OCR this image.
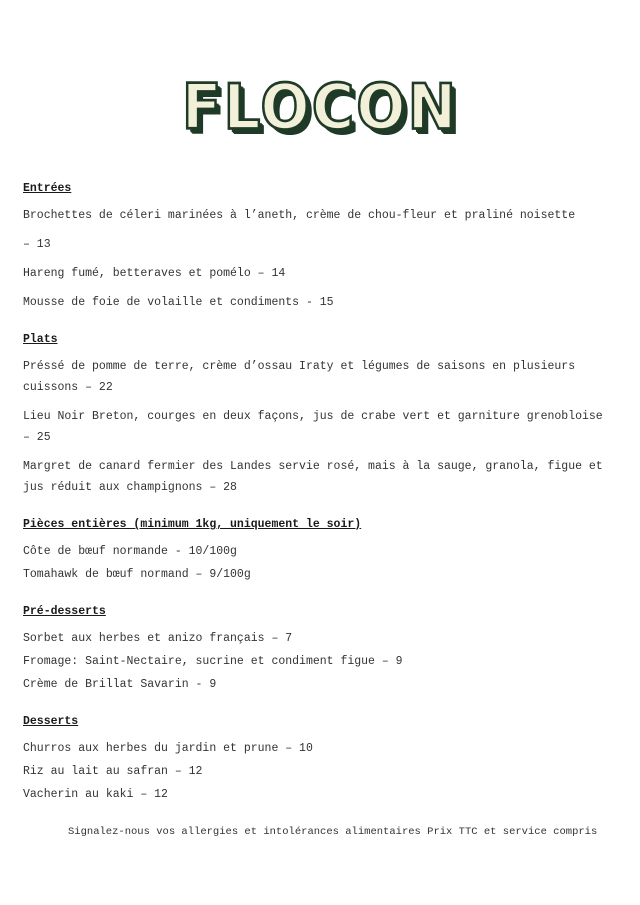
FLOCON
Entrées
Brochettes de céleri marinées à l’aneth, crème de chou-fleur et praliné noisette
– 13
Hareng fumé, betteraves et pomélo – 14
Mousse de foie de volaille et condiments - 15
Plats
Préssé de pomme de terre, crème d’ossau Iraty et légumes de saisons en plusieurs cuissons – 22
Lieu Noir Breton, courges en deux façons, jus de crabe vert et garniture grenobloise – 25
Margret de canard fermier des Landes servie rosé, mais à la sauge, granola, figue et jus réduit aux champignons – 28
Pièces entières (minimum 1kg, uniquement le soir)
Côte de bœuf normande - 10/100g
Tomahawk de bœuf normand – 9/100g
Pré-desserts
Sorbet aux herbes et anizo français – 7
Fromage: Saint-Nectaire, sucrine et condiment figue – 9
Crème de Brillat Savarin - 9
Desserts
Churros aux herbes du jardin et prune – 10
Riz au lait au safran – 12
Vacherin au kaki – 12
Signalez-nous vos allergies et intolérances alimentaires Prix TTC et service compris
